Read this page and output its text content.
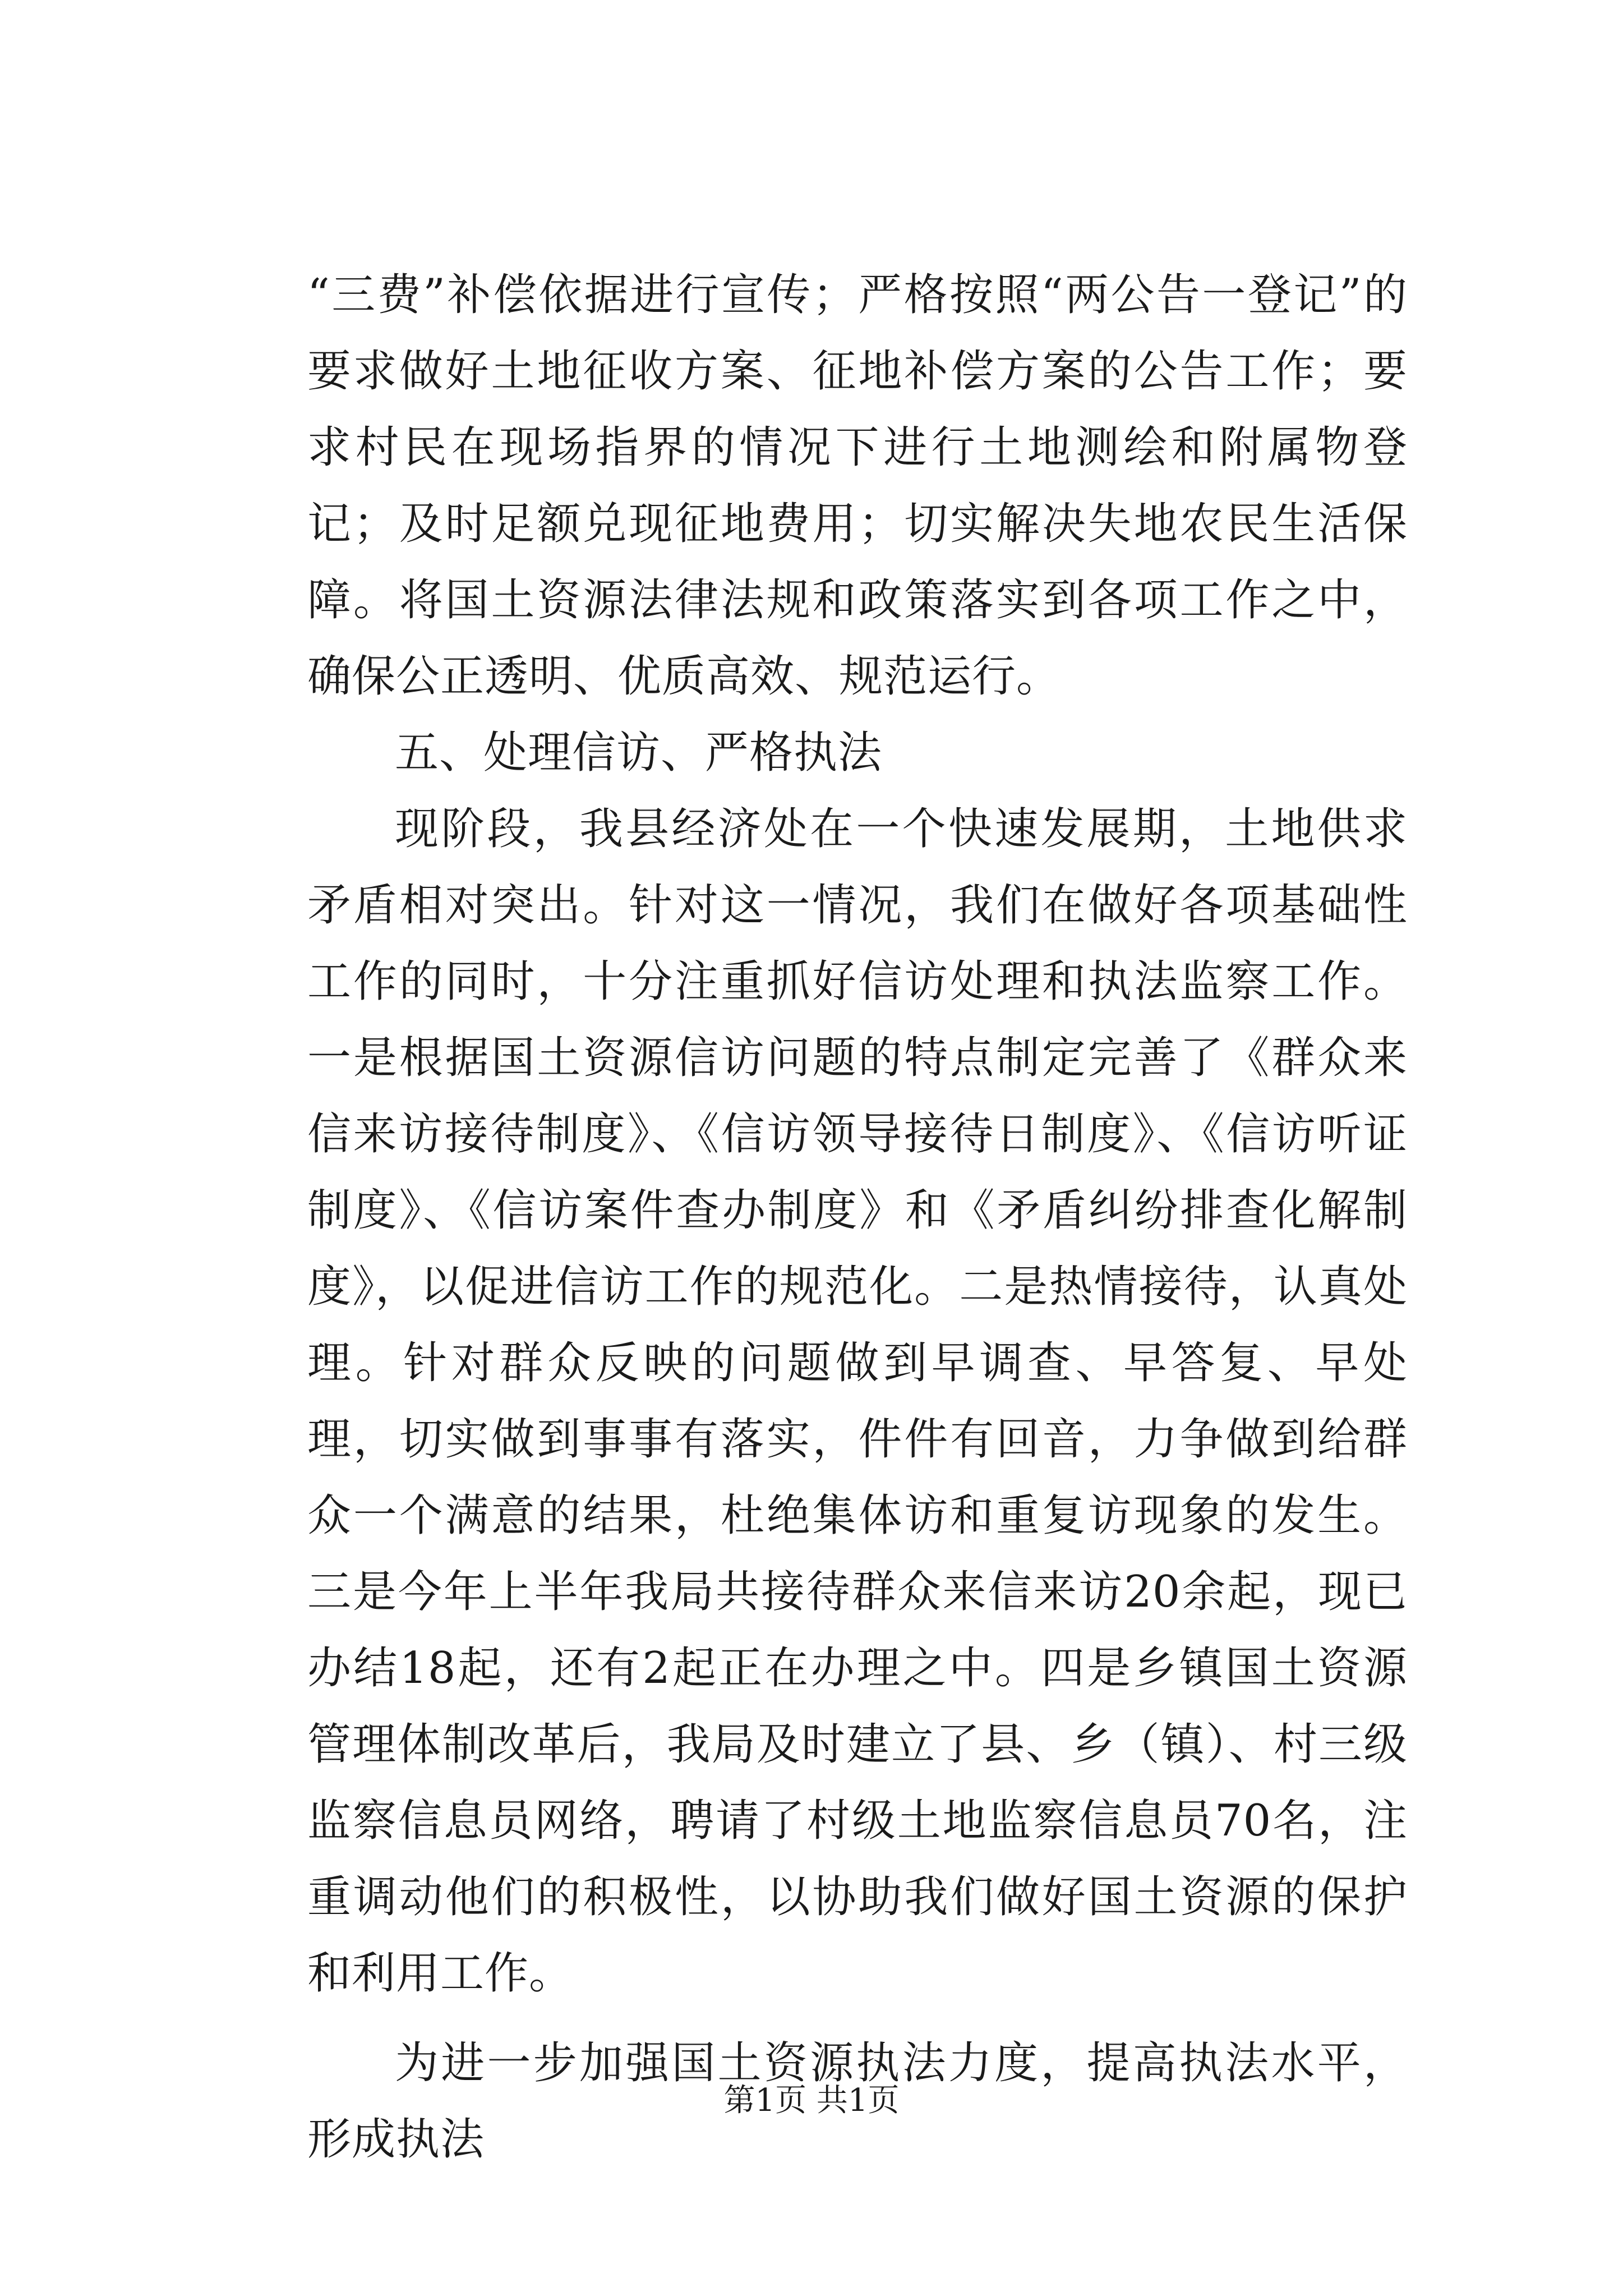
“三费”补偿依据进行宣传；严格按照“两公告一登记”的要求做好土地征收方案、征地补偿方案的公告工作；要求村民在现场指界的情况下进行土地测绘和附属物登记；及时足额兑现征地费用；切实解决失地农民生活保障。将国土资源法律法规和政策落实到各项工作之中，确保公正透明、优质高效、规范运行。

五、处理信访、严格执法

现阶段，我县经济处在一个快速发展期，土地供求矛盾相对突出。针对这一情况，我们在做好各项基础性工作的同时，十分注重抓好信访处理和执法监察工作。一是根据国土资源信访问题的特点制定完善了《群众来信来访接待制度》、《信访领导接待日制度》、《信访听证制度》、《信访案件查办制度》和《矛盾纠纷排查化解制度》，以促进信访工作的规范化。二是热情接待，认真处理。针对群众反映的问题做到早调查、早答复、早处理，切实做到事事有落实，件件有回音，力争做到给群众一个满意的结果，杜绝集体访和重复访现象的发生。三是今年上半年我局共接待群众来信来访20余起，现已办结18起，还有2起正在办理之中。四是乡镇国土资源管理体制改革后，我局及时建立了县、乡（镇）、村三级监察信息员网络，聘请了村级土地监察信息员70名，注重调动他们的积极性，以协助我们做好国土资源的保护和利用工作。

为进一步加强国土资源执法力度，提高执法水平，形成执法

第1页 共1页
